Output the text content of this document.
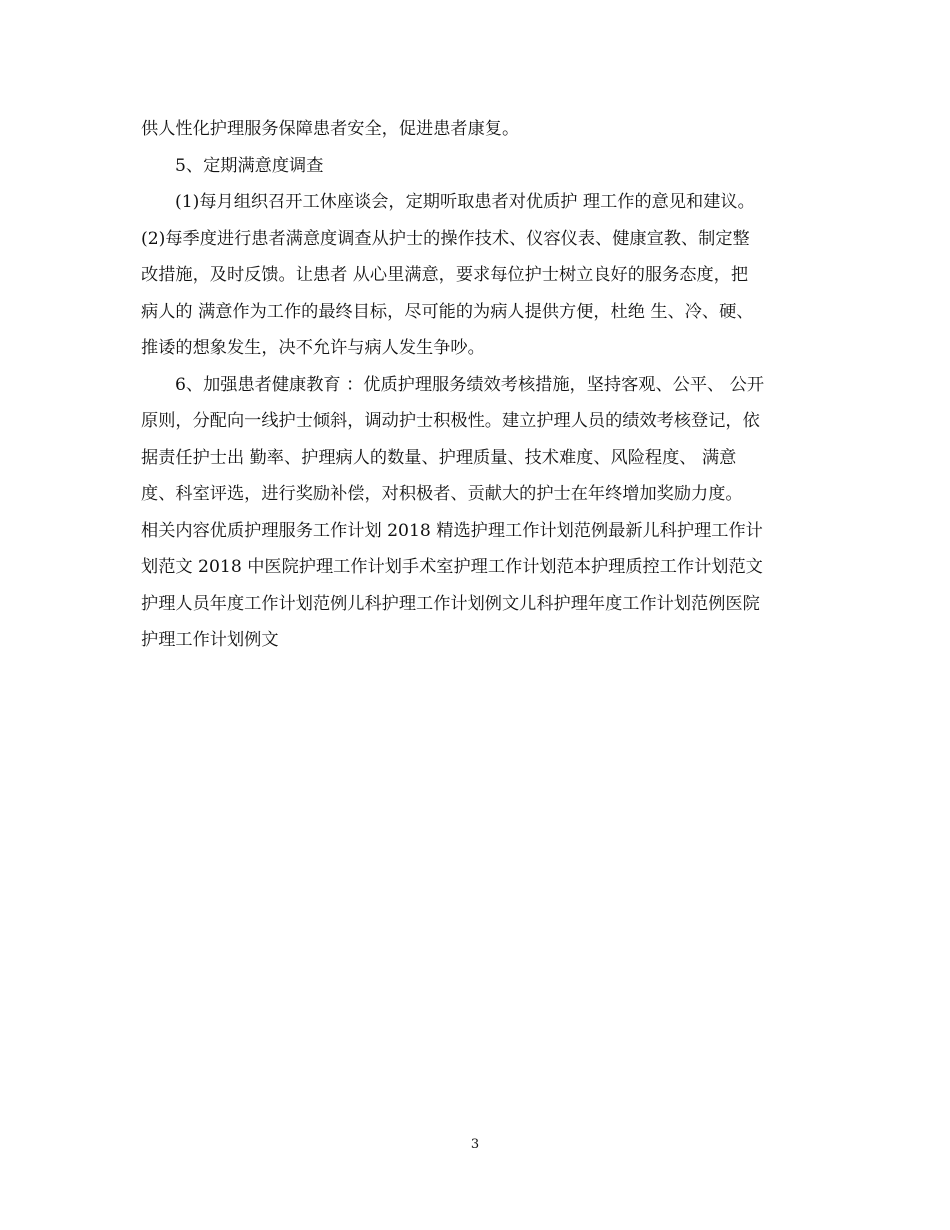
供人性化护理服务保障患者安全，促进患者康复。
5、定期满意度调查
(1)每月组织召开工休座谈会，定期听取患者对优质护 理工作的意见和建议。
(2)每季度进行患者满意度调查从护士的操作技术、仪容仪表、健康宣教、制定整
改措施，及时反馈。让患者 从心里满意，要求每位护士树立良好的服务态度，把
病人的 满意作为工作的最终目标，尽可能的为病人提供方便，杜绝 生、冷、硬、
推诿的想象发生，决不允许与病人发生争吵。
6、加强患者健康教育 ：优质护理服务绩效考核措施，坚持客观、公平、 公开
原则，分配向一线护士倾斜，调动护士积极性。建立护理人员的绩效考核登记，依
据责任护士出 勤率、护理病人的数量、护理质量、技术难度、风险程度、 满意
度、科室评选，进行奖励补偿，对积极者、贡献大的护士在年终增加奖励力度。
相关内容优质护理服务工作计划 2018 精选护理工作计划范例最新儿科护理工作计
划范文 2018 中医院护理工作计划手术室护理工作计划范本护理质控工作计划范文
护理人员年度工作计划范例儿科护理工作计划例文儿科护理年度工作计划范例医院
护理工作计划例文
3
